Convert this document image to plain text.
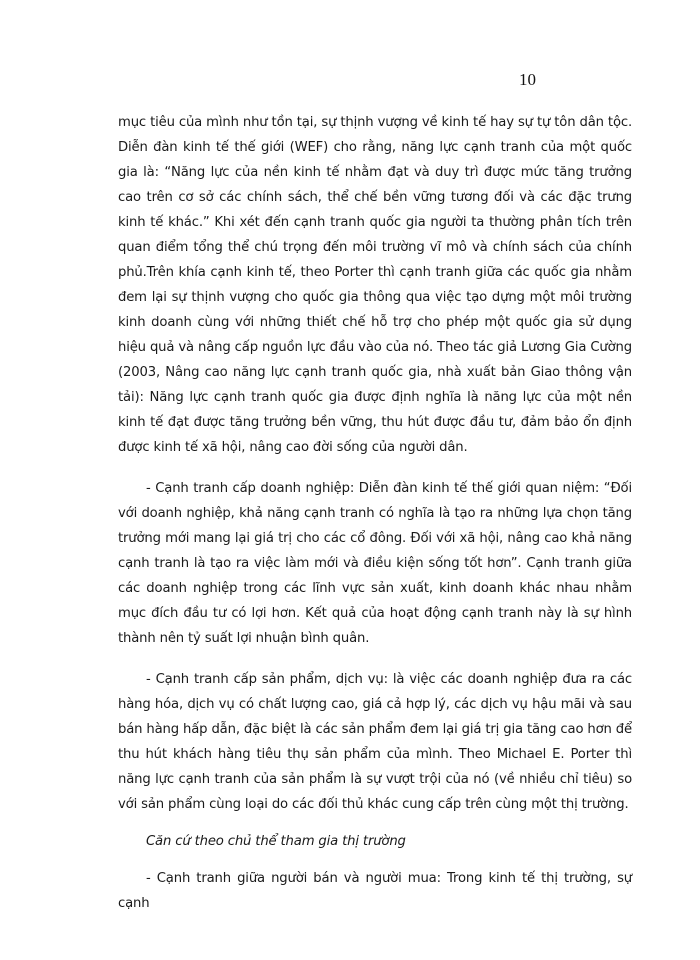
10

mục tiêu của mình như tồn tại, sự thịnh vượng về kinh tế hay sự tự tôn dân tộc. Diễn đàn kinh tế thế giới (WEF) cho rằng, năng lực cạnh tranh của một quốc gia là: “Năng lực của nền kinh tế nhằm đạt và duy trì được mức tăng trưởng cao trên cơ sở các chính sách, thể chế bền vững tương đối và các đặc trưng kinh tế khác.” Khi xét đến cạnh tranh quốc gia người ta thường phân tích trên quan điểm tổng thể chú trọng đến môi trường vĩ mô và chính sách của chính phủ.Trên khía cạnh kinh tế, theo Porter thì cạnh tranh giữa các quốc gia nhằm đem lại sự thịnh vượng cho quốc gia thông qua việc tạo dựng một môi trường kinh doanh cùng với những thiết chế hỗ trợ cho phép một quốc gia sử dụng hiệu quả và nâng cấp nguồn lực đầu vào của nó. Theo tác giả Lương Gia Cường (2003, Nâng cao năng lực cạnh tranh quốc gia, nhà xuất bản Giao thông vận tải): Năng lực cạnh tranh quốc gia được định nghĩa là năng lực của một nền kinh tế đạt được tăng trưởng bền vững, thu hút được đầu tư, đảm bảo ổn định được kinh tế xã hội, nâng cao đời sống của người dân.

- Cạnh tranh cấp doanh nghiệp: Diễn đàn kinh tế thế giới quan niệm: “Đối với doanh nghiệp, khả năng cạnh tranh có nghĩa là tạo ra những lựa chọn tăng trưởng mới mang lại giá trị cho các cổ đông. Đối với xã hội, nâng cao khả năng cạnh tranh là tạo ra việc làm mới và điều kiện sống tốt hơn”. Cạnh tranh giữa các doanh nghiệp trong các lĩnh vực sản xuất, kinh doanh khác nhau nhằm mục đích đầu tư có lợi hơn. Kết quả của hoạt động cạnh tranh này là sự hình thành nên tỷ suất lợi nhuận bình quân.

- Cạnh tranh cấp sản phẩm, dịch vụ: là việc các doanh nghiệp đưa ra các hàng hóa, dịch vụ có chất lượng cao, giá cả hợp lý, các dịch vụ hậu mãi và sau bán hàng hấp dẫn, đặc biệt là các sản phẩm đem lại giá trị gia tăng cao hơn để thu hút khách hàng tiêu thụ sản phẩm của mình. Theo Michael E. Porter thì năng lực cạnh tranh của sản phẩm là sự vượt trội của nó (về nhiều chỉ tiêu) so với sản phẩm cùng loại do các đối thủ khác cung cấp trên cùng một thị trường.

Căn cứ theo chủ thể tham gia thị trường

- Cạnh tranh giữa người bán và người mua: Trong kinh tế thị trường, sự cạnh
